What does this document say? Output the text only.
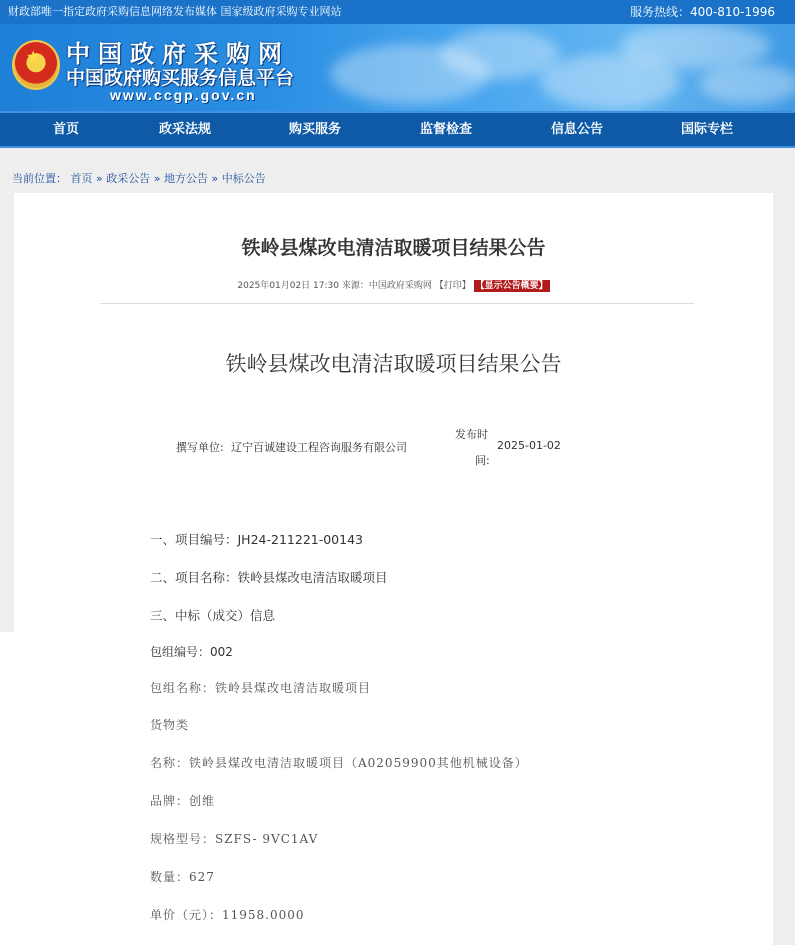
财政部唯一指定政府采购信息网络发布媒体 国家级政府采购专业网站	服务热线：400-810-1996
★ 中国政府采购网
中国政府购买服务信息平台
www.ccgp.gov.cn
首页	政采法规	购买服务	监督检查	信息公告	国际专栏
当前位置： 首页 » 政采公告 » 地方公告 » 中标公告
铁岭县煤改电清洁取暖项目结果公告
2025年01月02日 17:30 来源：中国政府采购网 【打印】 【显示公告概要】
铁岭县煤改电清洁取暖项目结果公告
撰写单位: 辽宁百诚建设工程咨询服务有限公司
发布时
间:
2025-01-02
一、项目编号：JH24-211221-00143
二、项目名称：铁岭县煤改电清洁取暖项目
三、中标（成交）信息
包组编号：002
包组名称：铁岭县煤改电清洁取暖项目
货物类
名称：铁岭县煤改电清洁取暖项目（A02059900其他机械设备）
品牌：创维
规格型号：SZFS- 9VC1AV
数量：627
单价（元）：11958.0000
